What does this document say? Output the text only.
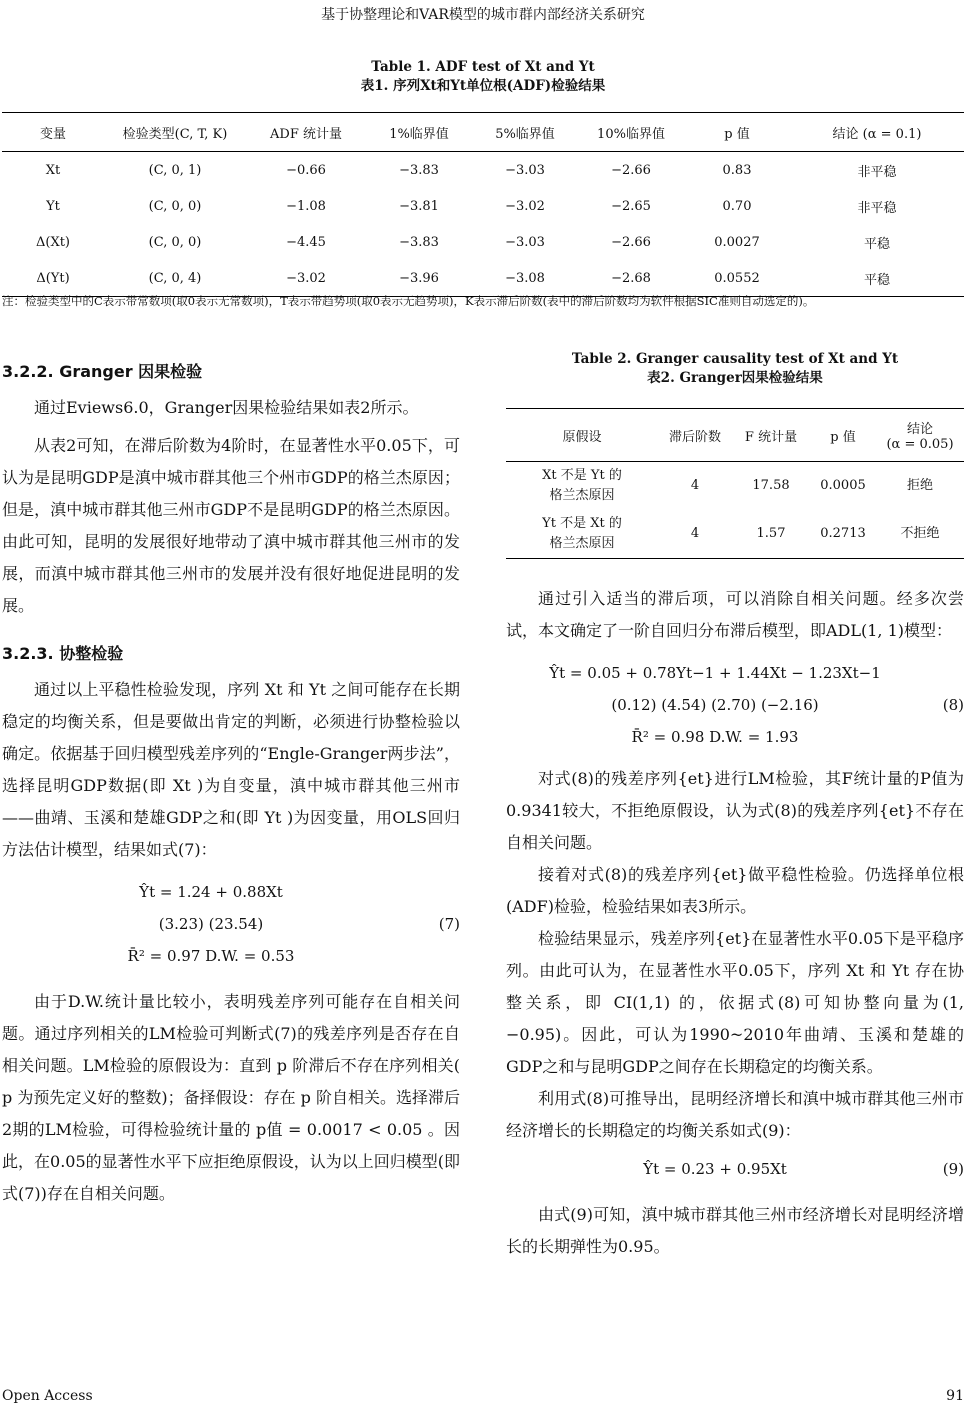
基于协整理论和VAR模型的城市群内部经济关系研究
Table 1. ADF test of Xt and Yt
表1. 序列Xt和Yt单位根(ADF)检验结果
变量	检验类型(C, T, K)	ADF 统计量	1%临界值	5%临界值	10%临界值	p 值	结论 (α = 0.1)
Xt	(C, 0, 1)	−0.66	−3.83	−3.03	−2.66	0.83	非平稳
Yt	(C, 0, 0)	−1.08	−3.81	−3.02	−2.65	0.70	非平稳
Δ(Xt)	(C, 0, 0)	−4.45	−3.83	−3.03	−2.66	0.0027	平稳
Δ(Yt)	(C, 0, 4)	−3.02	−3.96	−3.08	−2.68	0.0552	平稳
注：检验类型中的C表示带常数项(取0表示无常数项)，T表示带趋势项(取0表示无趋势项)，K表示滞后阶数(表中的滞后阶数均为软件根据SIC准则自动选定的)。
3.2.2. Granger 因果检验

通过Eviews6.0，Granger因果检验结果如表2所示。

从表2可知，在滞后阶数为4阶时，在显著性水平0.05下，可认为是昆明GDP是滇中城市群其他三个州市GDP的格兰杰原因；但是，滇中城市群其他三州市GDP不是昆明GDP的格兰杰原因。由此可知，昆明的发展很好地带动了滇中城市群其他三州市的发展，而滇中城市群其他三州市的发展并没有很好地促进昆明的发展。

3.2.3. 协整检验

通过以上平稳性检验发现，序列 Xt 和 Yt 之间可能存在长期稳定的均衡关系，但是要做出肯定的判断，必须进行协整检验以确定。依据基于回归模型残差序列的“Engle-Granger两步法”，选择昆明GDP数据(即 Xt )为自变量，滇中城市群其他三州市——曲靖、玉溪和楚雄GDP之和(即 Yt )为因变量，用OLS回归方法估计模型，结果如式(7)：

Ŷt = 1.24 + 0.88Xt
(3.23) (23.54)	(7)
R̄² = 0.97 D.W. = 0.53

由于D.W.统计量比较小，表明残差序列可能存在自相关问题。通过序列相关的LM检验可判断式(7)的残差序列是否存在自相关问题。LM检验的原假设为：直到 p 阶滞后不存在序列相关( p 为预先定义好的整数)；备择假设：存在 p 阶自相关。选择滞后2期的LM检验，可得检验统计量的 p值 = 0.0017 < 0.05 。因此，在0.05的显著性水平下应拒绝原假设，认为以上回归模型(即式(7))存在自相关问题。

Table 2. Granger causality test of Xt and Yt
表2. Granger因果检验结果
原假设	滞后阶数	F 统计量	p 值	结论
(α = 0.05)

Xt 不是 Yt 的
格兰杰原因	4	17.58	0.0005	拒绝

Yt 不是 Xt 的
格兰杰原因	4	1.57	0.2713	不拒绝

通过引入适当的滞后项，可以消除自相关问题。经多次尝试，本文确定了一阶自回归分布滞后模型，即ADL(1, 1)模型：

Ŷt = 0.05 + 0.78Yt−1 + 1.44Xt − 1.23Xt−1
(0.12) (4.54) (2.70) (−2.16)	(8)
R̄² = 0.98 D.W. = 1.93

对式(8)的残差序列{et}进行LM检验，其F统计量的P值为0.9341较大，不拒绝原假设，认为式(8)的残差序列{et}不存在自相关问题。

接着对式(8)的残差序列{et}做平稳性检验。仍选择单位根(ADF)检验，检验结果如表3所示。

检验结果显示，残差序列{et}在显著性水平0.05下是平稳序列。由此可认为，在显著性水平0.05下，序列 Xt 和 Yt 存在协整关系，即 CI(1,1) 的，依据式(8)可知协整向量为(1, −0.95)。因此，可认为1990~2010年曲靖、玉溪和楚雄的GDP之和与昆明GDP之间存在长期稳定的均衡关系。

利用式(8)可推导出，昆明经济增长和滇中城市群其他三州市经济增长的长期稳定的均衡关系如式(9)：

Ŷt = 0.23 + 0.95Xt	(9)

由式(9)可知，滇中城市群其他三州市经济增长对昆明经济增长的长期弹性为0.95。

Open Access	91
